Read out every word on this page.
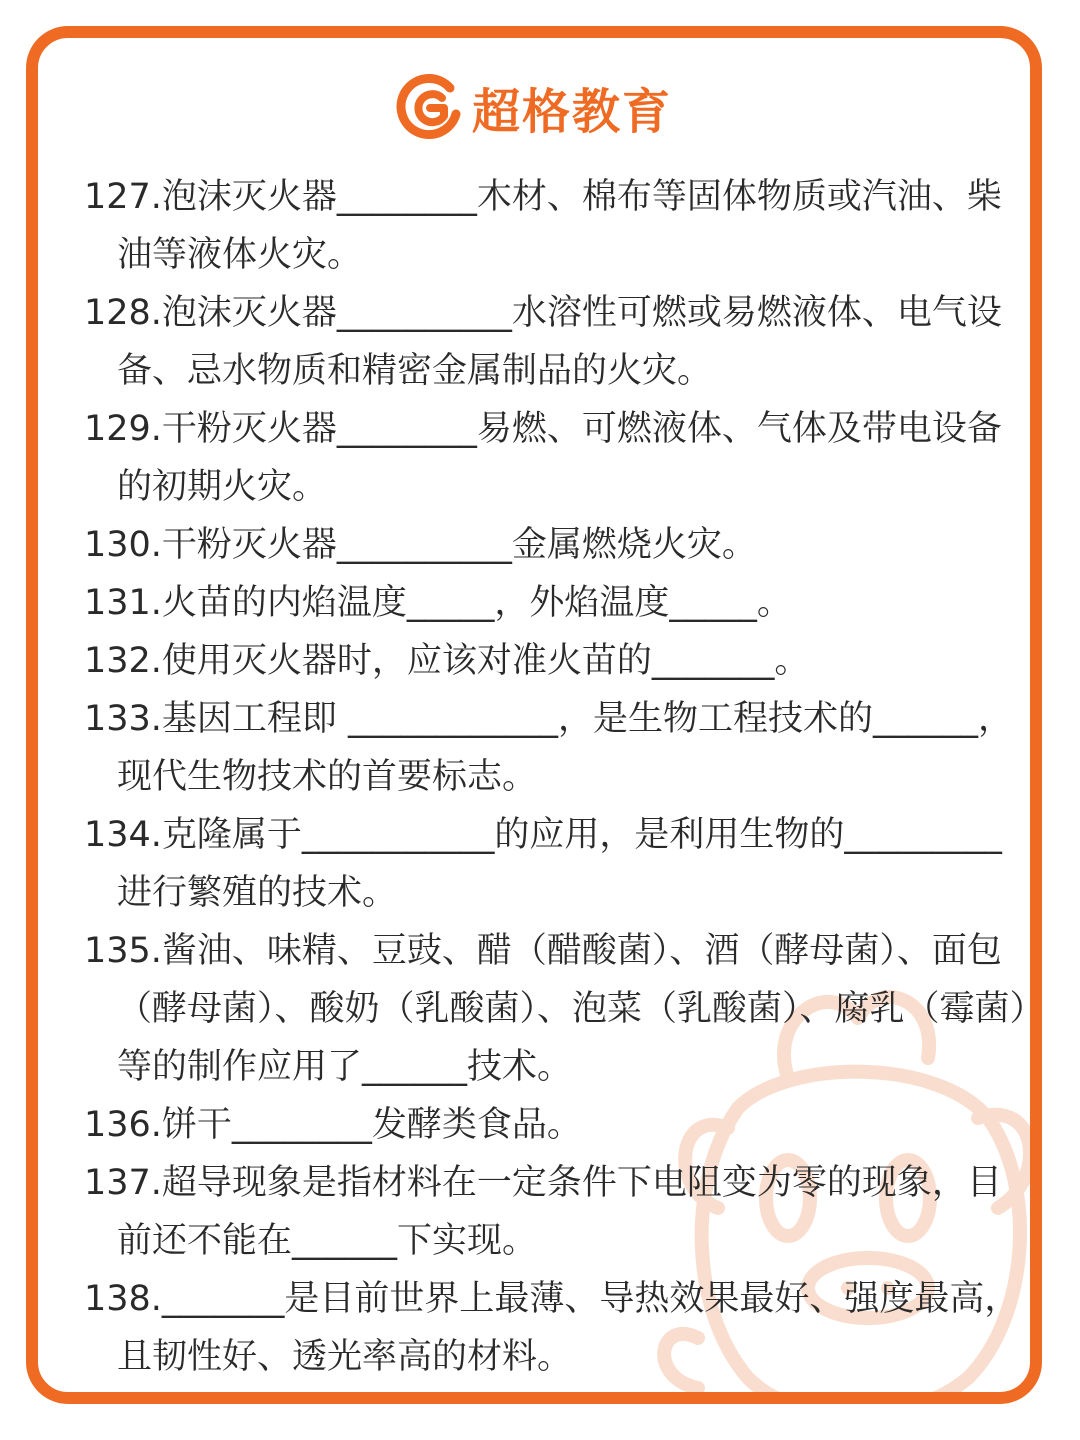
超格教育

127.泡沫灭火器________木材、棉布等固体物质或汽油、柴油等液体火灾。

128.泡沫灭火器__________水溶性可燃或易燃液体、电气设备、忌水物质和精密金属制品的火灾。

129.干粉灭火器________易燃、可燃液体、气体及带电设备的初期火灾。

130.干粉灭火器__________金属燃烧火灾。

131.火苗的内焰温度_____，外焰温度_____。

132.使用灭火器时，应该对准火苗的_______。

133.基因工程即 ____________，是生物工程技术的______，现代生物技术的首要标志。

134.克隆属于___________的应用，是利用生物的_________进行繁殖的技术。

135.酱油、味精、豆豉、醋（醋酸菌）、酒（酵母菌）、面包（酵母菌）、酸奶（乳酸菌）、泡菜（乳酸菌）、腐乳（霉菌）等的制作应用了______技术。

136.饼干________发酵类食品。

137.超导现象是指材料在一定条件下电阻变为零的现象，目前还不能在______下实现。

138._______是目前世界上最薄、导热效果最好、强度最高，且韧性好、透光率高的材料。
